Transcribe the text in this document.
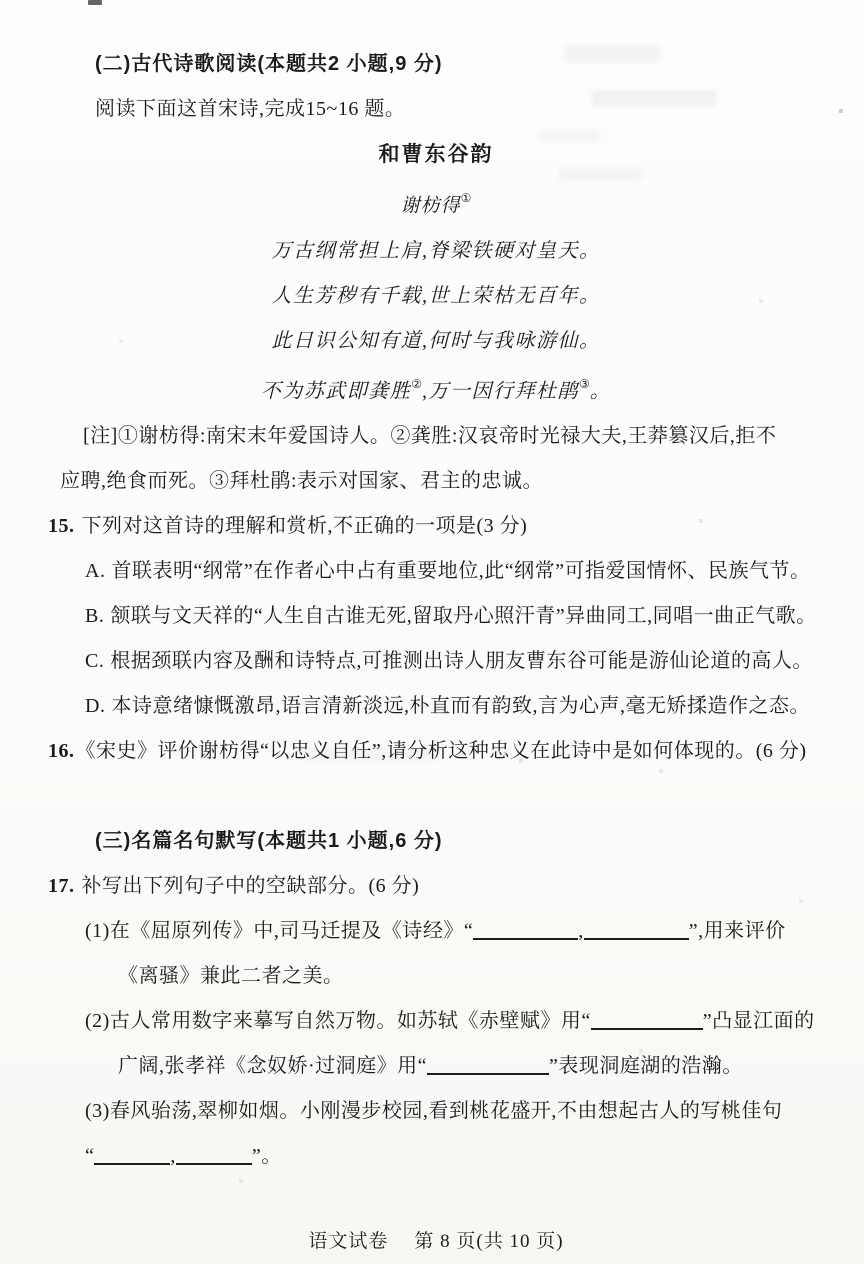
(二)古代诗歌阅读(本题共2 小题,9 分)
阅读下面这首宋诗,完成15~16 题。
和曹东谷韵
谢枋得①
万古纲常担上肩,脊梁铁硬对皇天。
人生芳秽有千载,世上荣枯无百年。
此日识公知有道,何时与我咏游仙。
不为苏武即龚胜②,万一因行拜杜鹃③。
[注]①谢枋得:南宋末年爱国诗人。②龚胜:汉哀帝时光禄大夫,王莽篡汉后,拒不
应聘,绝食而死。③拜杜鹃:表示对国家、君主的忠诚。
15. 下列对这首诗的理解和赏析,不正确的一项是(3 分)
A. 首联表明“纲常”在作者心中占有重要地位,此“纲常”可指爱国情怀、民族气节。
B. 颔联与文天祥的“人生自古谁无死,留取丹心照汗青”异曲同工,同唱一曲正气歌。
C. 根据颈联内容及酬和诗特点,可推测出诗人朋友曹东谷可能是游仙论道的高人。
D. 本诗意绪慷慨激昂,语言清新淡远,朴直而有韵致,言为心声,毫无矫揉造作之态。
16.《宋史》评价谢枋得“以忠义自任”,请分析这种忠义在此诗中是如何体现的。(6 分)
(三)名篇名句默写(本题共1 小题,6 分)
17. 补写出下列句子中的空缺部分。(6 分)
(1)在《屈原列传》中,司马迁提及《诗经》“	,	”,用来评价
《离骚》兼此二者之美。
(2)古人常用数字来摹写自然万物。如苏轼《赤壁赋》用“	”凸显江面的
广阔,张孝祥《念奴娇·过洞庭》用“	”表现洞庭湖的浩瀚。
(3)春风骀荡,翠柳如烟。小刚漫步校园,看到桃花盛开,不由想起古人的写桃佳句
“	,	”。
语文试卷 第 8 页(共 10 页)
